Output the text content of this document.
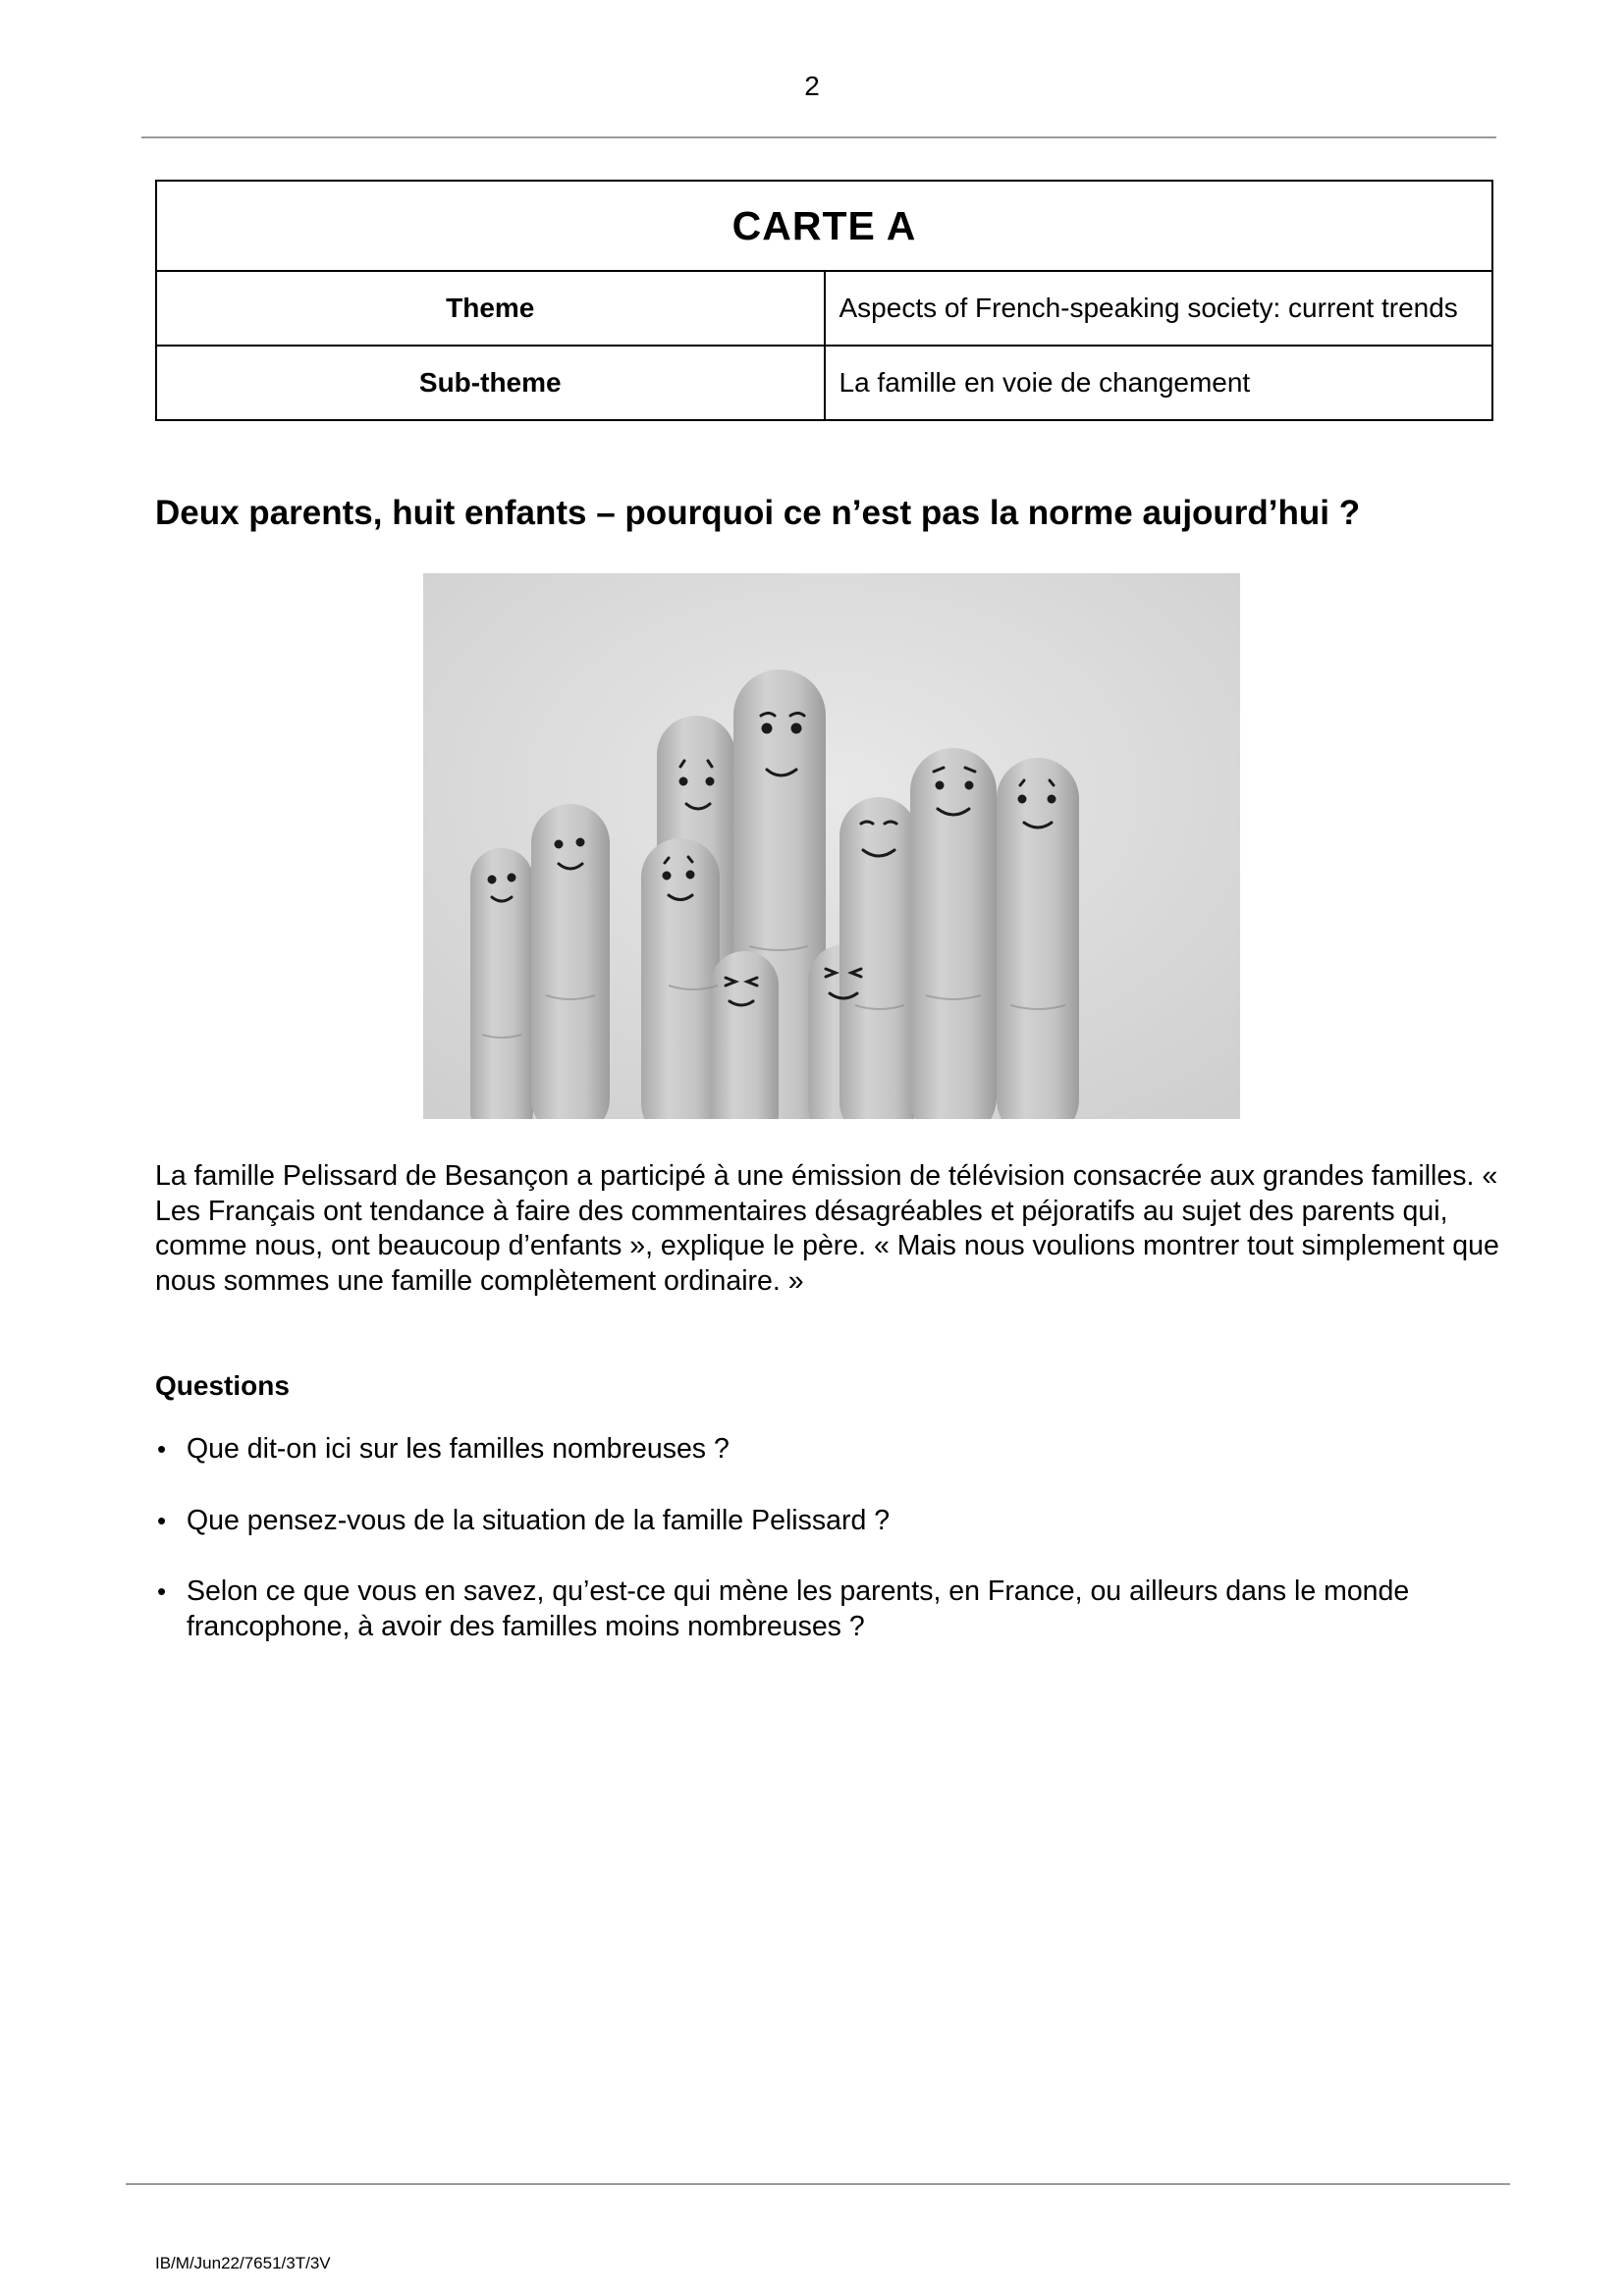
2
CARTE A	
Theme	Aspects of French-speaking society: current trends
Sub-theme	La famille en voie de changement
Deux parents, huit enfants – pourquoi ce n’est pas la norme aujourd’hui ?
La famille Pelissard de Besançon a participé à une émission de télévision consacrée aux grandes familles. « Les Français ont tendance à faire des commentaires désagréables et péjoratifs au sujet des parents qui, comme nous, ont beaucoup d’enfants », explique le père. « Mais nous voulions montrer tout simplement que nous sommes une famille complètement ordinaire. »
Questions
• Que dit-on ici sur les familles nombreuses ?
• Que pensez-vous de la situation de la famille Pelissard ?
• Selon ce que vous en savez, qu’est-ce qui mène les parents, en France, ou ailleurs dans le monde francophone, à avoir des familles moins nombreuses ?
IB/M/Jun22/7651/3T/3V
